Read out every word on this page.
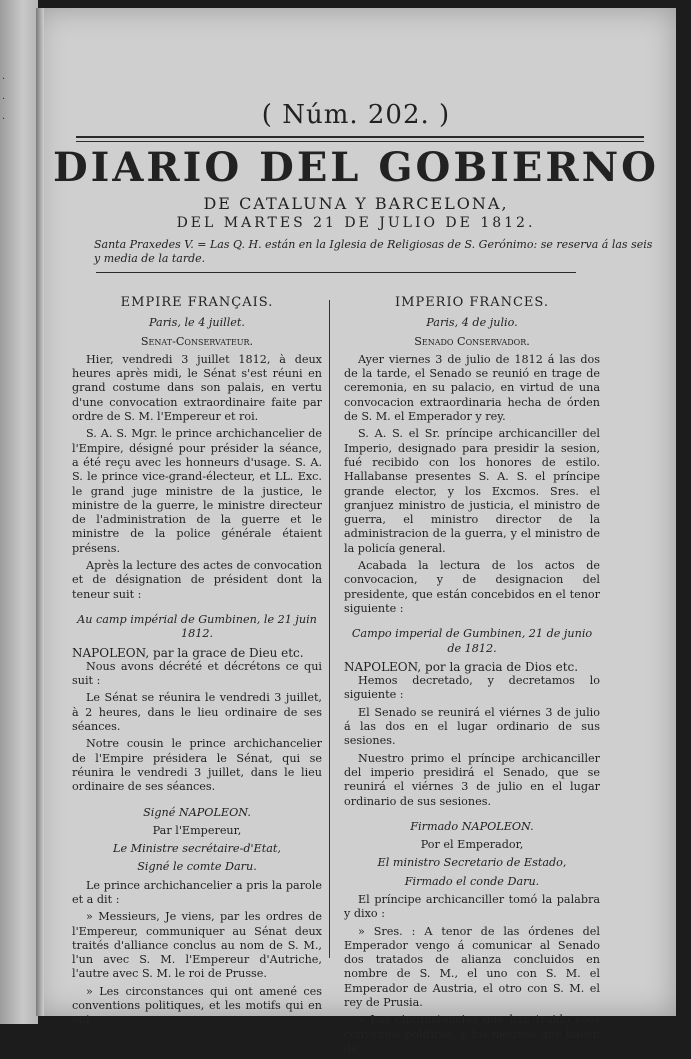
·
·
·	( Núm. 202. )
DIARIO DEL GOBIERNO
DE CATALUNA Y BARCELONA,
DEL MARTES 21 DE JULIO DE 1812.
Santa Praxedes V. = Las Q. H. están en la Iglesia de Religiosas de S. Gerónimo: se reserva á las seis y media de la tarde.
EMPIRE FRANÇAIS.
Paris, le 4 juillet.
Senat-Conservateur.

Hier, vendredi 3 juillet 1812, à deux heures après midi, le Sénat s'est réuni en grand costume dans son palais, en vertu d'une convocation extraordinaire faite par ordre de S. M. l'Empereur et roi.

S. A. S. Mgr. le prince archichancelier de l'Empire, désigné pour présider la séance, a été reçu avec les honneurs d'usage. S. A. S. le prince vice-grand-électeur, et LL. Exc. le grand juge ministre de la justice, le ministre de la guerre, le ministre directeur de l'administration de la guerre et le ministre de la police générale étaient présens.

Après la lecture des actes de convocation et de désignation de président dont la teneur suit :

Au camp impérial de Gumbinen, le 21 juin 1812.
NAPOLEON, par la grace de Dieu etc.

Nous avons décrété et décrétons ce qui suit :

Le Sénat se réunira le vendredi 3 juillet, à 2 heures, dans le lieu ordinaire de ses séances.

Notre cousin le prince archichancelier de l'Empire présidera le Sénat, qui se réunira le vendredi 3 juillet, dans le lieu ordinaire de ses séances.

Signé NAPOLEON.
Par l'Empereur,
Le Ministre secrétaire-d'Etat,
Signé le comte Daru.

Le prince archichancelier a pris la parole et a dit :

» Messieurs, Je viens, par les ordres de l'Empereur, communiquer au Sénat deux traités d'alliance conclus au nom de S. M., l'un avec S. M. l'Empereur d'Autriche, l'autre avec S. M. le roi de Prusse.

» Les circonstances qui ont amené ces conventions politiques, et les motifs qui en ont

IMPERIO FRANCES.
Paris, 4 de julio.
Senado Conservador.

Ayer viernes 3 de julio de 1812 á las dos de la tarde, el Senado se reunió en trage de ceremonia, en su palacio, en virtud de una convocacion extraordinaria hecha de órden de S. M. el Emperador y rey.

S. A. S. el Sr. príncipe archicanciller del Imperio, designado para presidir la sesion, fué recibido con los honores de estilo. Hallabanse presentes S. A. S. el príncipe grande elector, y los Excmos. Sres. el granjuez ministro de justicia, el ministro de guerra, el ministro director de la administracion de la guerra, y el ministro de la policía general.

Acabada la lectura de los actos de convocacion, y de designacion del presidente, que están concebidos en el tenor siguiente :

Campo imperial de Gumbinen, 21 de junio de 1812.
NAPOLEON, por la gracia de Dios etc.

Hemos decretado, y decretamos lo siguiente :

El Senado se reunirá el viérnes 3 de julio á las dos en el lugar ordinario de sus sesiones.

Nuestro primo el príncipe archicanciller del imperio presidirá el Senado, que se reunirá el viérnes 3 de julio en el lugar ordinario de sus sesiones.

Firmado NAPOLEON.
Por el Emperador,
El ministro Secretario de Estado,
Firmado el conde Daru.

El príncipe archicanciller tomó la palabra y dixo :

» Sres. : A tenor de las órdenes del Emperador vengo á comunicar al Senado dos tratados de alianza concluidos en nombre de S. M., el uno con S. M. el Emperador de Austria, el otro con S. M. el rey de Prusia.

» Las circunstancias que han traido esos convenios políticos, y los motivos que hacen de-
